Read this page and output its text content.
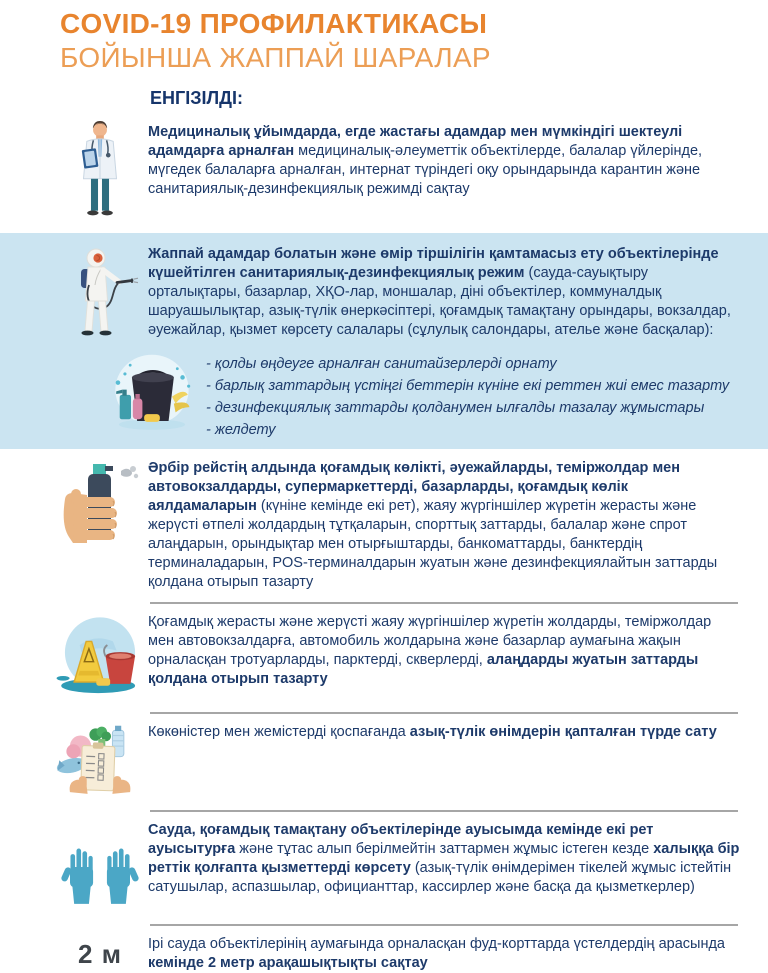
COVID-19 ПРОФИЛАКТИКАСЫ
БОЙЫНША ЖАППАЙ ШАРАЛАР
ЕНГІЗІЛДІ:
Медициналық ұйымдарда, егде жастағы адамдар мен мүмкіндігі шектеулі адамдарға арналған медициналық-әлеуметтік объектілерде, балалар үйлерінде, мүгедек балаларға арналған, интернат түріндегі оқу орындарында карантин және санитариялық-дезинфекциялық режимді сақтау
Жаппай адамдар болатын және өмір тіршілігін қамтамасыз ету объектілерінде күшейтілген санитариялық-дезинфекциялық режим (сауда-сауықтыру орталықтары, базарлар, ХҚО-лар, моншалар, діні объектілер, коммуналдық шаруашылықтар, азық-түлік өнеркәсіптері, қоғамдық тамақтану орындары, вокзалдар, әуежайлар, қызмет көрсету салалары (сұлулық салондары, ателье және басқалар):
- қолды өңдеуге арналған санитайзерлерді орнату
- барлық заттардың үстіңгі беттерін күніне екі реттен жиі емес тазарту
- дезинфекциялық заттарды қолданумен ылғалды тазалау жұмыстары
- желдету
Әрбір рейстің алдында қоғамдық көлікті, әуежайларды, теміржолдар мен автовокзалдарды, супермаркеттерді, базарларды, қоғамдық көлік аялдамаларын (күніне кемінде екі рет), жаяу жүргіншілер жүретін жерасты және жерүсті өтпелі жолдардың тұтқаларын, спорттық заттарды, балалар және спрот алаңдарын, орындықтар мен отырғыштарды, банкоматтарды, банктердің терминаладарын, POS-терминалдарын жуатын және дезинфекциялайтын заттарды қолдана отырып тазарту
Қоғамдық жерасты және жерүсті жаяу жүргіншілер жүретін жолдарды, теміржолдар мен автовокзалдарға, автомобиль жолдарына және базарлар аумағына жақын орналасқан тротуарларды, парктерді, скверлерді, алаңдарды жуатын заттарды қолдана отырып тазарту
Көкөністер мен жемістерді қоспағанда азық-түлік өнімдерін қапталған түрде сату
Сауда, қоғамдық тамақтану объектілерінде ауысымда кемінде екі рет ауысытурға және тұтас алып берілмейтін заттармен жұмыс істеген кезде халыққа бір реттік қолғапта қызметтерді көрсету (азық-түлік өнімдерімен тікелей жұмыс істейтін сатушылар, аспазшылар, официанттар, кассирлер және басқа да қызметкерлер)
2 м Ірі сауда объектілерінің аумағында орналасқан фуд-корттарда үстелдердің арасында кемінде 2 метр арақашықтықты сақтау
